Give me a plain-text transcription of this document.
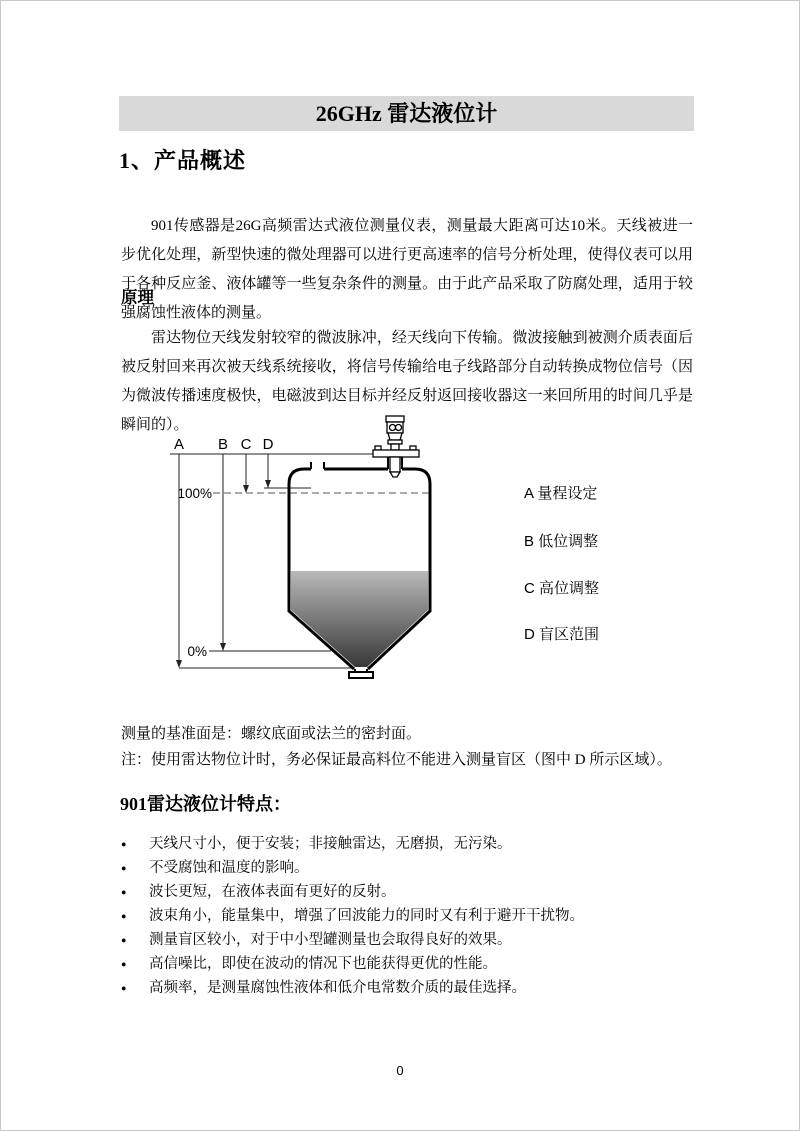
26GHz 雷达液位计
1、产品概述

901传感器是26G高频雷达式液位测量仪表，测量最大距离可达10米。天线被进一步优化处理，新型快速的微处理器可以进行更高速率的信号分析处理，使得仪表可以用于各种反应釜、液体罐等一些复杂条件的测量。由于此产品采取了防腐处理，适用于较强腐蚀性液体的测量。

原理

雷达物位天线发射较窄的微波脉冲，经天线向下传输。微波接触到被测介质表面后被反射回来再次被天线系统接收，将信号传输给电子线路部分自动转换成物位信号（因为微波传播速度极快，电磁波到达目标并经反射返回接收器这一来回所用的时间几乎是瞬间的）。

A B C D
100%
0%
A 量程设定
B 低位调整
C 高位调整
D 盲区范围
测量的基准面是：螺纹底面或法兰的密封面。
注：使用雷达物位计时，务必保证最高料位不能进入测量盲区（图中 D 所示区域）。
901雷达液位计特点：
●	天线尺寸小，便于安装；非接触雷达，无磨损，无污染。
●	不受腐蚀和温度的影响。
●	波长更短，在液体表面有更好的反射。
●	波束角小，能量集中，增强了回波能力的同时又有利于避开干扰物。
●	测量盲区较小，对于中小型罐测量也会取得良好的效果。
●	高信噪比，即使在波动的情况下也能获得更优的性能。
●	高频率，是测量腐蚀性液体和低介电常数介质的最佳选择。
0
